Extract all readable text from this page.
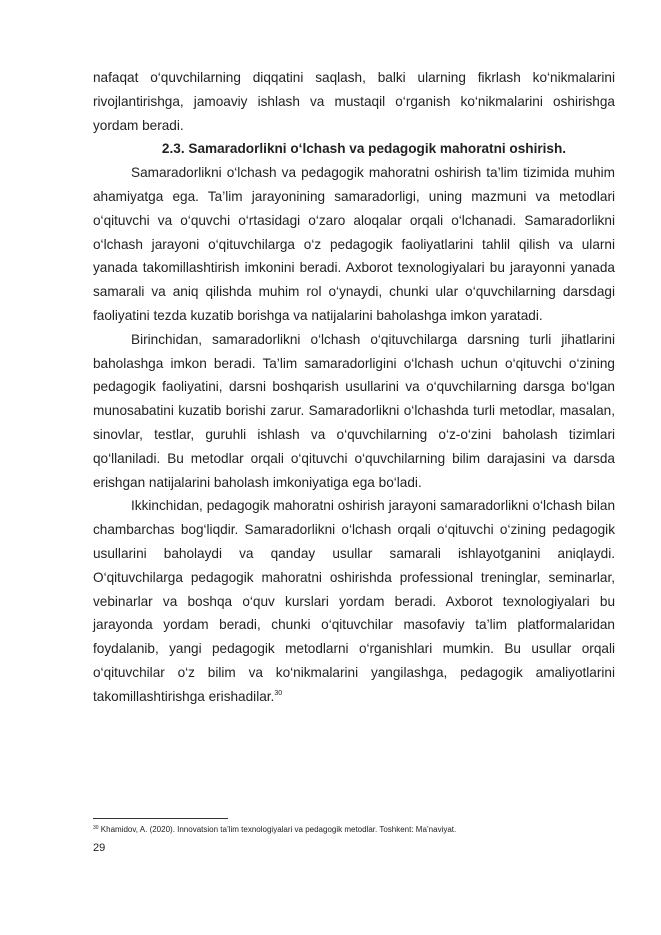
nafaqat o‘quvchilarning diqqatini saqlash, balki ularning fikrlash ko‘nikmalarini rivojlantirishga, jamoaviy ishlash va mustaqil o‘rganish ko‘nikmalarini oshirishga yordam beradi.

2.3. Samaradorlikni o‘lchash va pedagogik mahoratni oshirish.

Samaradorlikni o‘lchash va pedagogik mahoratni oshirish ta’lim tizimida muhim ahamiyatga ega. Ta’lim jarayonining samaradorligi, uning mazmuni va metodlari o‘qituvchi va o‘quvchi o‘rtasidagi o‘zaro aloqalar orqali o‘lchanadi. Samaradorlikni o‘lchash jarayoni o‘qituvchilarga o‘z pedagogik faoliyatlarini tahlil qilish va ularni yanada takomillashtirish imkonini beradi. Axborot texnologiyalari bu jarayonni yanada samarali va aniq qilishda muhim rol o‘ynaydi, chunki ular o‘quvchilarning darsdagi faoliyatini tezda kuzatib borishga va natijalarini baholashga imkon yaratadi.

Birinchidan, samaradorlikni o‘lchash o‘qituvchilarga darsning turli jihatlarini baholashga imkon beradi. Ta’lim samaradorligini o‘lchash uchun o‘qituvchi o‘zining pedagogik faoliyatini, darsni boshqarish usullarini va o‘quvchilarning darsga bo‘lgan munosabatini kuzatib borishi zarur. Samaradorlikni o‘lchashda turli metodlar, masalan, sinovlar, testlar, guruhli ishlash va o‘quvchilarning o‘z-o‘zini baholash tizimlari qo‘llaniladi. Bu metodlar orqali o‘qituvchi o‘quvchilarning bilim darajasini va darsda erishgan natijalarini baholash imkoniyatiga ega bo‘ladi.

Ikkinchidan, pedagogik mahoratni oshirish jarayoni samaradorlikni o‘lchash bilan chambarchas bog‘liqdir. Samaradorlikni o‘lchash orqali o‘qituvchi o‘zining pedagogik usullarini baholaydi va qanday usullar samarali ishlayotganini aniqlaydi. O‘qituvchilarga pedagogik mahoratni oshirishda professional treninglar, seminarlar, vebinarlar va boshqa o‘quv kurslari yordam beradi. Axborot texnologiyalari bu jarayonda yordam beradi, chunki o‘qituvchilar masofaviy ta’lim platformalaridan foydalanib, yangi pedagogik metodlarni o‘rganishlari mumkin. Bu usullar orqali o‘qituvchilar o‘z bilim va ko‘nikmalarini yangilashga, pedagogik amaliyotlarini takomillashtirishga erishadilar.$^{30}$

$^{30}$ Khamidov, A. (2020). Innovatsion ta’lim texnologiyalari va pedagogik metodlar. Toshkent: Ma’naviyat.
29
